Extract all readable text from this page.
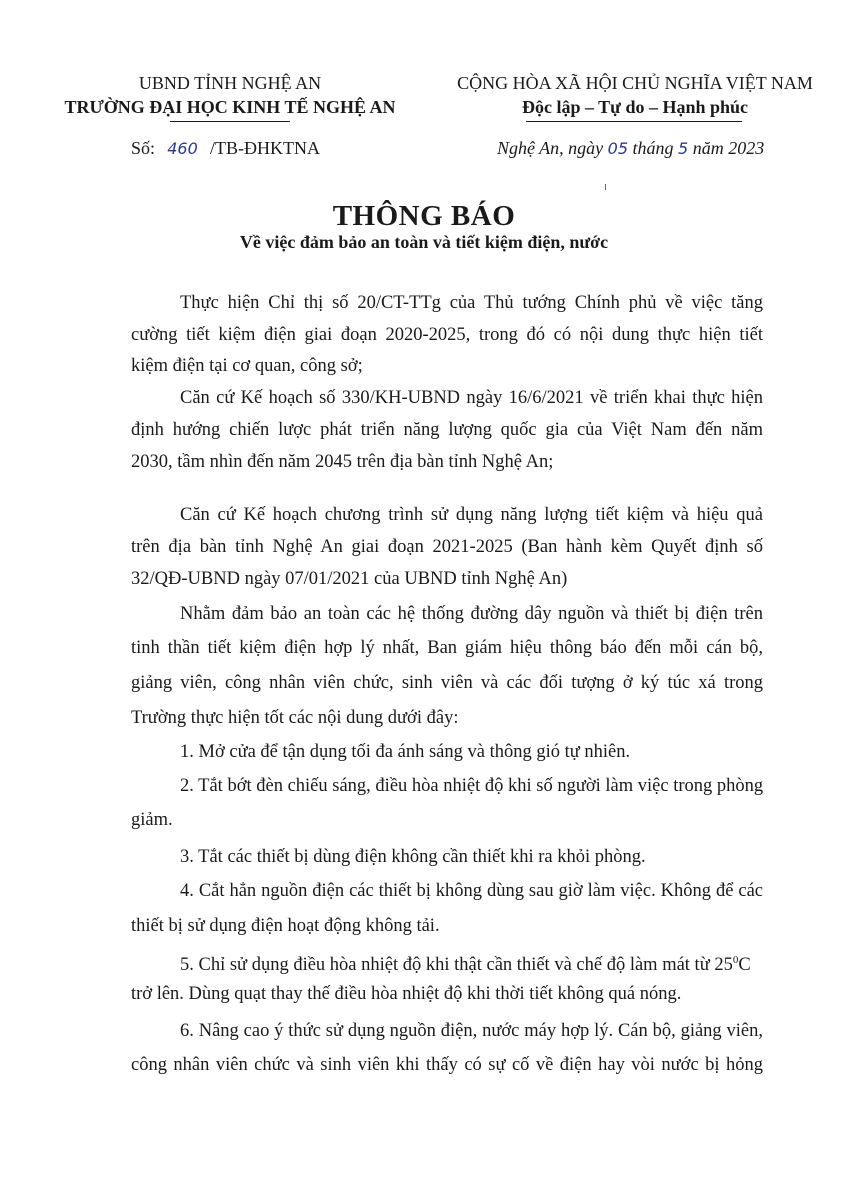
UBND TỈNH NGHỆ AN
TRƯỜNG ĐẠI HỌC KINH TẾ NGHỆ AN
Số: 460 /TB-ĐHKTNA
CỘNG HÒA XÃ HỘI CHỦ NGHĨA VIỆT NAM
Độc lập – Tự do – Hạnh phúc
Nghệ An, ngày 05 tháng 5 năm 2023
THÔNG BÁO
Về việc đảm bảo an toàn và tiết kiệm điện, nước
Thực hiện Chỉ thị số 20/CT-TTg của Thủ tướng Chính phủ về việc tăng
cường tiết kiệm điện giai đoạn 2020-2025, trong đó có nội dung thực hiện tiết
kiệm điện tại cơ quan, công sở;
Căn cứ Kế hoạch số 330/KH-UBND ngày 16/6/2021 về triển khai thực hiện
định hướng chiến lược phát triển năng lượng quốc gia của Việt Nam đến năm
2030, tầm nhìn đến năm 2045 trên địa bàn tỉnh Nghệ An;
Căn cứ Kế hoạch chương trình sử dụng năng lượng tiết kiệm và hiệu quả
trên địa bàn tỉnh Nghệ An giai đoạn 2021-2025 (Ban hành kèm Quyết định số
32/QĐ-UBND ngày 07/01/2021 của UBND tỉnh Nghệ An)
Nhằm đảm bảo an toàn các hệ thống đường dây nguồn và thiết bị điện trên
tinh thần tiết kiệm điện hợp lý nhất, Ban giám hiệu thông báo đến mỗi cán bộ,
giảng viên, công nhân viên chức, sinh viên và các đối tượng ở ký túc xá trong
Trường thực hiện tốt các nội dung dưới đây:
1. Mở cửa để tận dụng tối đa ánh sáng và thông gió tự nhiên.
2. Tắt bớt đèn chiếu sáng, điều hòa nhiệt độ khi số người làm việc trong phòng
giảm.
3. Tắt các thiết bị dùng điện không cần thiết khi ra khỏi phòng.
4. Cắt hẳn nguồn điện các thiết bị không dùng sau giờ làm việc. Không để các
thiết bị sử dụng điện hoạt động không tải.
5. Chỉ sử dụng điều hòa nhiệt độ khi thật cần thiết và chế độ làm mát từ $25^0C$
trở lên. Dùng quạt thay thế điều hòa nhiệt độ khi thời tiết không quá nóng.
6. Nâng cao ý thức sử dụng nguồn điện, nước máy hợp lý. Cán bộ, giảng viên,
công nhân viên chức và sinh viên khi thấy có sự cố về điện hay vòi nước bị hỏng
